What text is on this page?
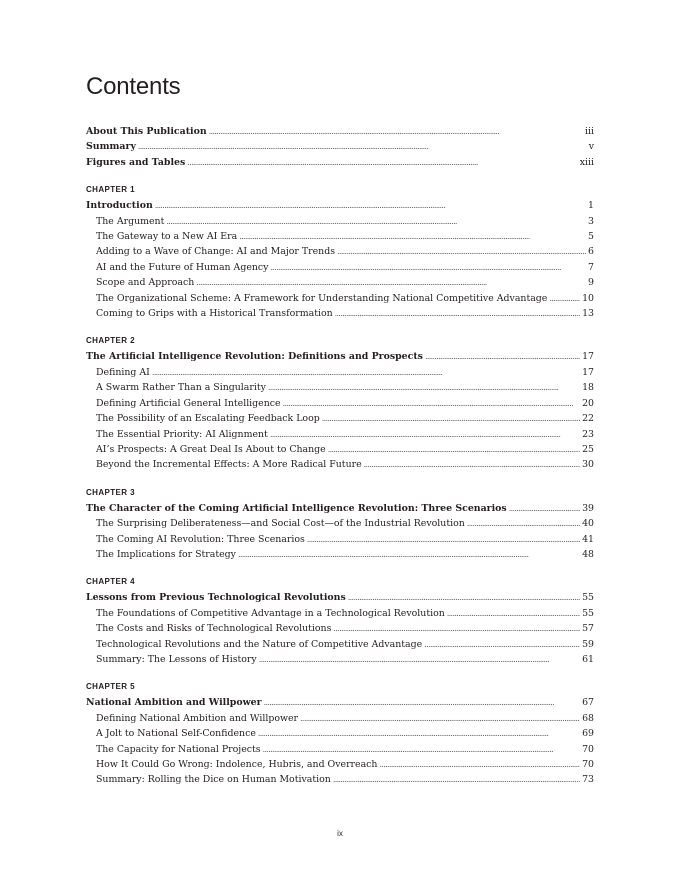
Contents
About This Publication . . .	iii
Summary . . .	v
Figures and Tables . . .	xiii
CHAPTER 1
Introduction . . .	1
The Argument . . .	3
The Gateway to a New AI Era . . .	5
Adding to a Wave of Change: AI and Major Trends . . .	6
AI and the Future of Human Agency . . .	7
Scope and Approach . . .	9
The Organizational Scheme: A Framework for Understanding National Competitive Advantage . . .	10
Coming to Grips with a Historical Transformation . . .	13
CHAPTER 2
The Artificial Intelligence Revolution: Definitions and Prospects . . .	17
Defining AI . . .	17
A Swarm Rather Than a Singularity . . .	18
Defining Artificial General Intelligence . . .	20
The Possibility of an Escalating Feedback Loop . . .	22
The Essential Priority: AI Alignment . . .	23
AI’s Prospects: A Great Deal Is About to Change . . .	25
Beyond the Incremental Effects: A More Radical Future . . .	30
CHAPTER 3
The Character of the Coming Artificial Intelligence Revolution: Three Scenarios . . .	39
The Surprising Deliberateness—and Social Cost—of the Industrial Revolution . . .	40
The Coming AI Revolution: Three Scenarios . . .	41
The Implications for Strategy . . .	48
CHAPTER 4
Lessons from Previous Technological Revolutions . . .	55
The Foundations of Competitive Advantage in a Technological Revolution . . .	55
The Costs and Risks of Technological Revolutions . . .	57
Technological Revolutions and the Nature of Competitive Advantage . . .	59
Summary: The Lessons of History . . .	61
CHAPTER 5
National Ambition and Willpower . . .	67
Defining National Ambition and Willpower . . .	68
A Jolt to National Self-Confidence . . .	69
The Capacity for National Projects . . .	70
How It Could Go Wrong: Indolence, Hubris, and Overreach . . .	70
Summary: Rolling the Dice on Human Motivation . . .	73
ix
